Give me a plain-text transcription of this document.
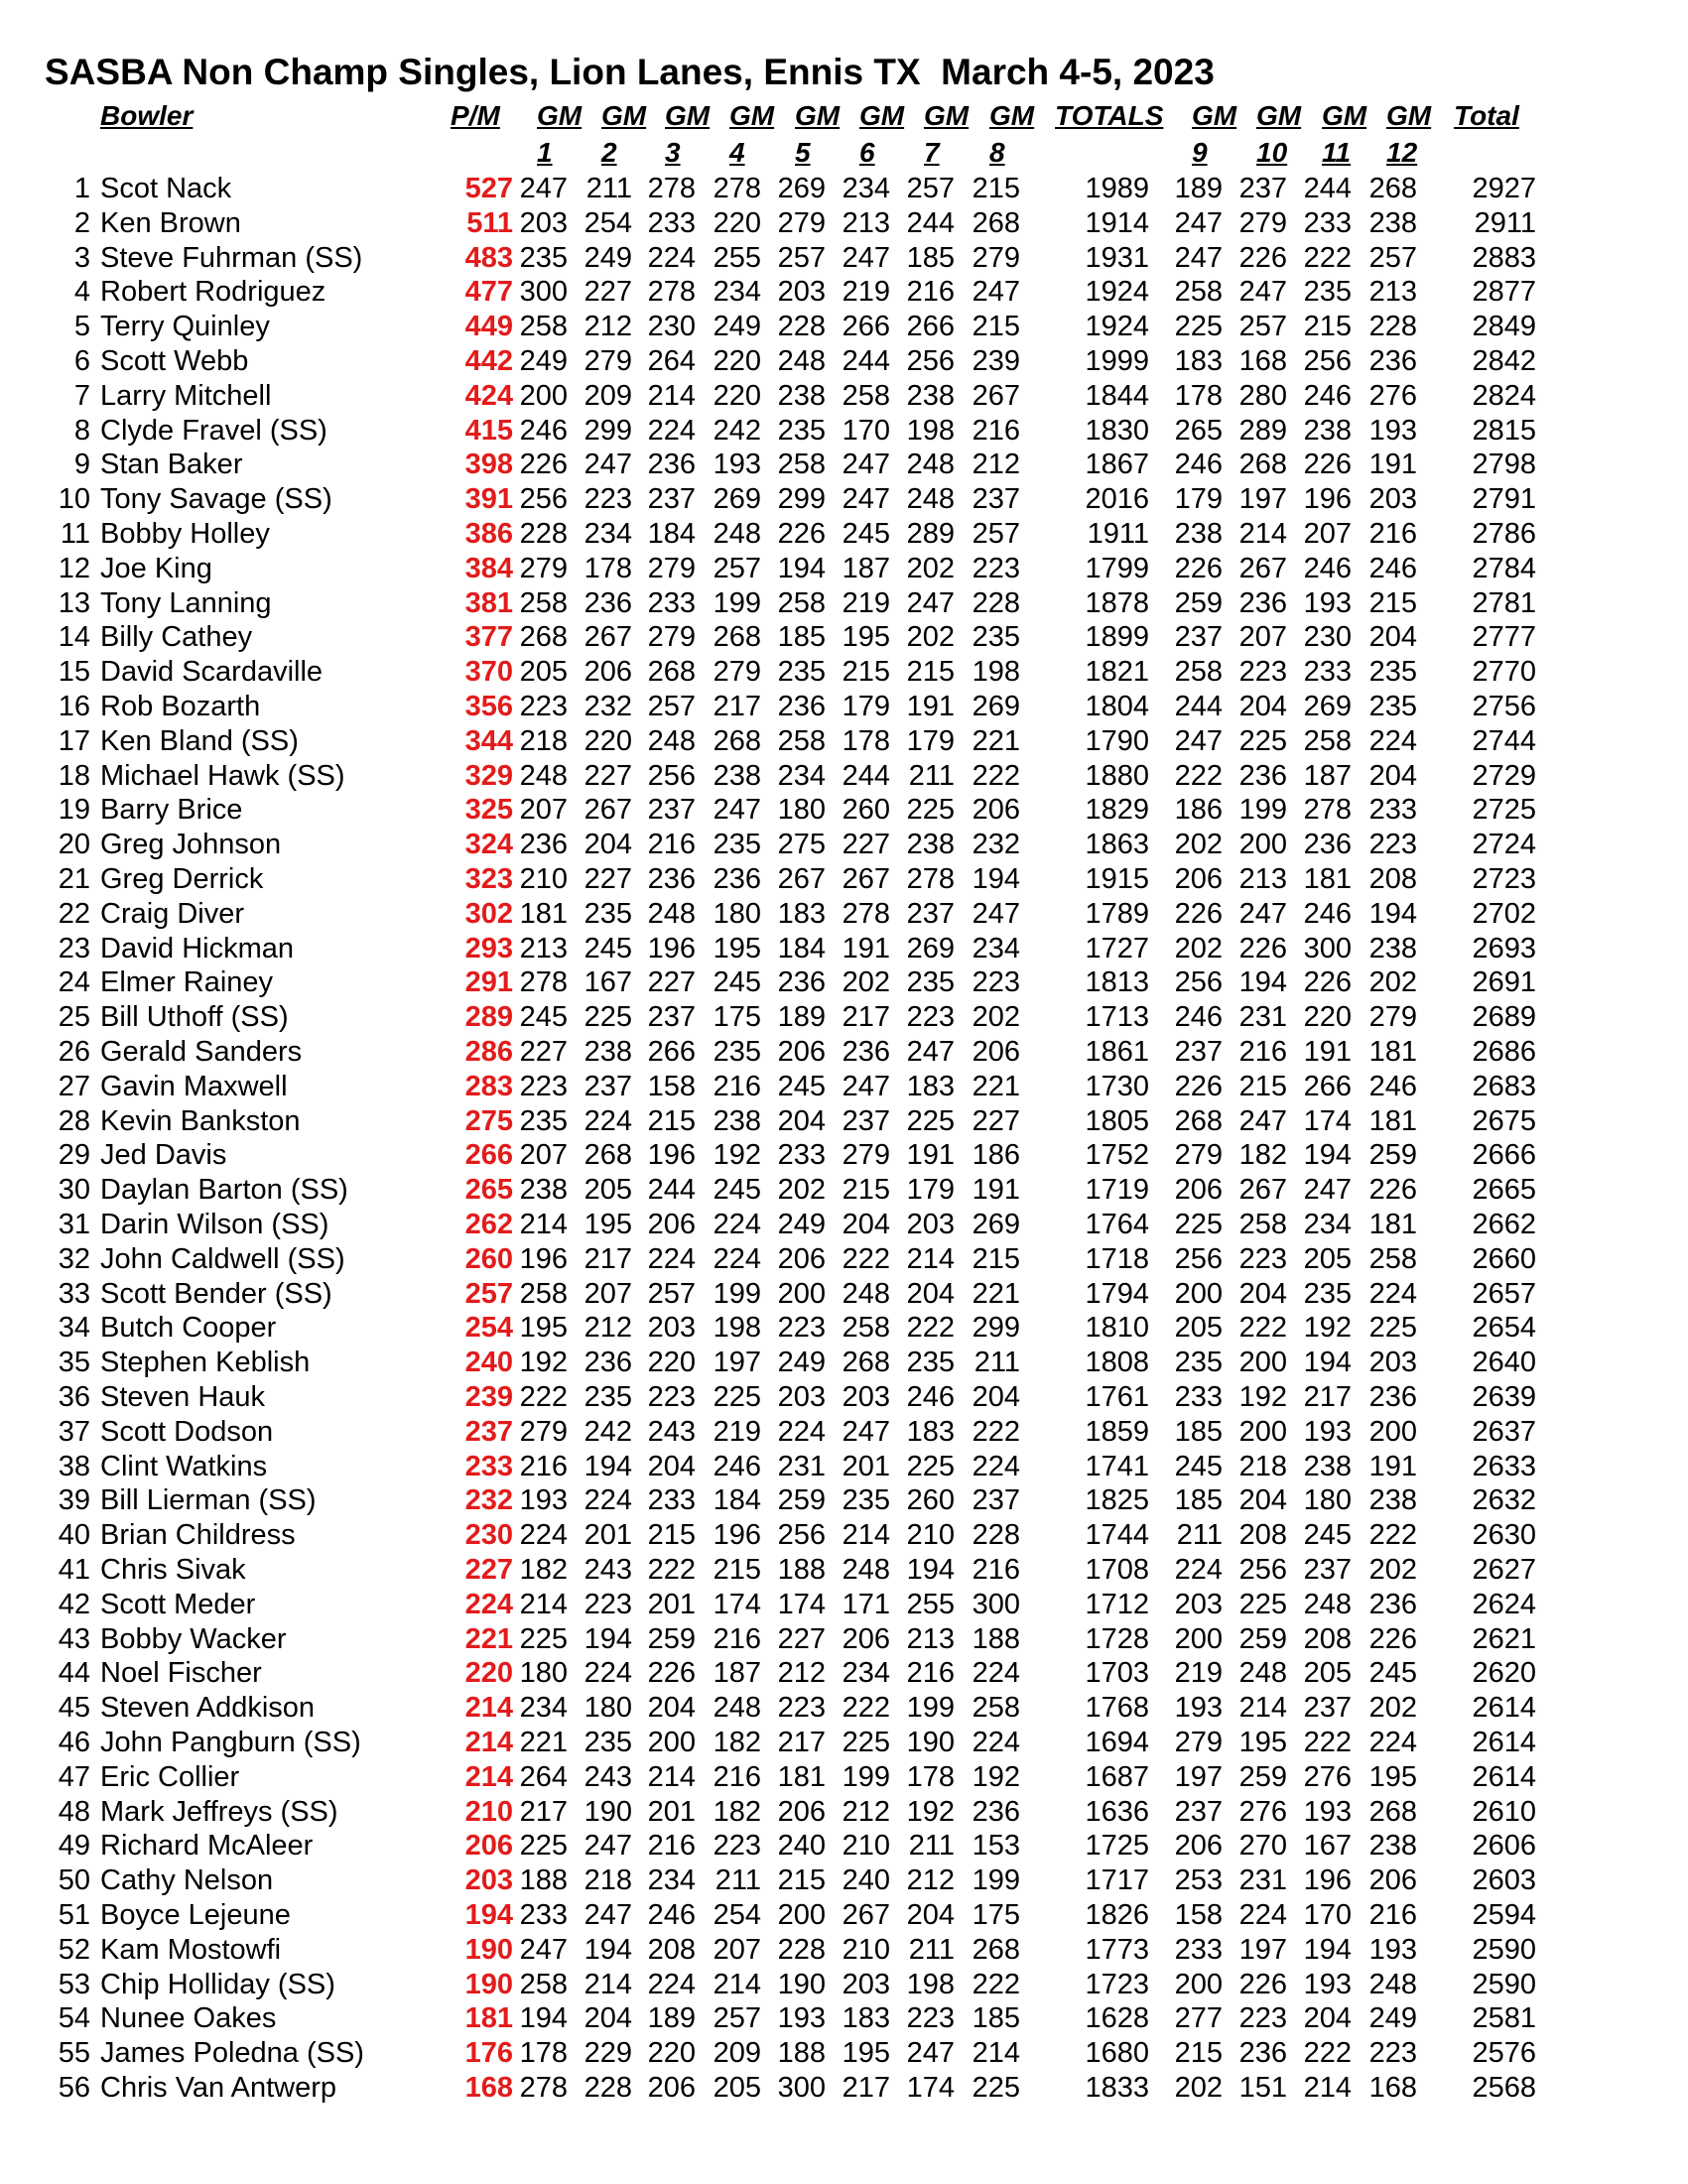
SASBA Non Champ Singles, Lion Lanes, Ennis TX  March 4-5, 2023
Bowler	P/M GM GM GM GM GM GM GM GM TOTALS GM GM GM GM Total
1 2 3 4 5 6 7 8	9 10 11 12
1 Scot Nack	527 247 211 278 278 269 234 257 215 1989 189 237 244 268 2927
2 Ken Brown	511 203 254 233 220 279 213 244 268 1914 247 279 233 238 2911
3 Steve Fuhrman (SS)	483 235 249 224 255 257 247 185 279 1931 247 226 222 257 2883
4 Robert Rodriguez	477 300 227 278 234 203 219 216 247 1924 258 247 235 213 2877
5 Terry Quinley	449 258 212 230 249 228 266 266 215 1924 225 257 215 228 2849
6 Scott Webb	442 249 279 264 220 248 244 256 239 1999 183 168 256 236 2842
7 Larry Mitchell	424 200 209 214 220 238 258 238 267 1844 178 280 246 276 2824
8 Clyde Fravel (SS)	415 246 299 224 242 235 170 198 216 1830 265 289 238 193 2815
9 Stan Baker	398 226 247 236 193 258 247 248 212 1867 246 268 226 191 2798
10 Tony Savage (SS)	391 256 223 237 269 299 247 248 237 2016 179 197 196 203 2791
11 Bobby Holley	386 228 234 184 248 226 245 289 257 1911 238 214 207 216 2786
12 Joe King	384 279 178 279 257 194 187 202 223 1799 226 267 246 246 2784
13 Tony Lanning	381 258 236 233 199 258 219 247 228 1878 259 236 193 215 2781
14 Billy Cathey	377 268 267 279 268 185 195 202 235 1899 237 207 230 204 2777
15 David Scardaville	370 205 206 268 279 235 215 215 198 1821 258 223 233 235 2770
16 Rob Bozarth	356 223 232 257 217 236 179 191 269 1804 244 204 269 235 2756
17 Ken Bland (SS)	344 218 220 248 268 258 178 179 221 1790 247 225 258 224 2744
18 Michael Hawk (SS)	329 248 227 256 238 234 244 211 222 1880 222 236 187 204 2729
19 Barry Brice	325 207 267 237 247 180 260 225 206 1829 186 199 278 233 2725
20 Greg Johnson	324 236 204 216 235 275 227 238 232 1863 202 200 236 223 2724
21 Greg Derrick	323 210 227 236 236 267 267 278 194 1915 206 213 181 208 2723
22 Craig Diver	302 181 235 248 180 183 278 237 247 1789 226 247 246 194 2702
23 David Hickman	293 213 245 196 195 184 191 269 234 1727 202 226 300 238 2693
24 Elmer Rainey	291 278 167 227 245 236 202 235 223 1813 256 194 226 202 2691
25 Bill Uthoff (SS)	289 245 225 237 175 189 217 223 202 1713 246 231 220 279 2689
26 Gerald Sanders	286 227 238 266 235 206 236 247 206 1861 237 216 191 181 2686
27 Gavin Maxwell	283 223 237 158 216 245 247 183 221 1730 226 215 266 246 2683
28 Kevin Bankston	275 235 224 215 238 204 237 225 227 1805 268 247 174 181 2675
29 Jed Davis	266 207 268 196 192 233 279 191 186 1752 279 182 194 259 2666
30 Daylan Barton (SS)	265 238 205 244 245 202 215 179 191 1719 206 267 247 226 2665
31 Darin Wilson (SS)	262 214 195 206 224 249 204 203 269 1764 225 258 234 181 2662
32 John Caldwell (SS)	260 196 217 224 224 206 222 214 215 1718 256 223 205 258 2660
33 Scott Bender (SS)	257 258 207 257 199 200 248 204 221 1794 200 204 235 224 2657
34 Butch Cooper	254 195 212 203 198 223 258 222 299 1810 205 222 192 225 2654
35 Stephen Keblish	240 192 236 220 197 249 268 235 211 1808 235 200 194 203 2640
36 Steven Hauk	239 222 235 223 225 203 203 246 204 1761 233 192 217 236 2639
37 Scott Dodson	237 279 242 243 219 224 247 183 222 1859 185 200 193 200 2637
38 Clint Watkins	233 216 194 204 246 231 201 225 224 1741 245 218 238 191 2633
39 Bill Lierman (SS)	232 193 224 233 184 259 235 260 237 1825 185 204 180 238 2632
40 Brian Childress	230 224 201 215 196 256 214 210 228 1744 211 208 245 222 2630
41 Chris Sivak	227 182 243 222 215 188 248 194 216 1708 224 256 237 202 2627
42 Scott Meder	224 214 223 201 174 174 171 255 300 1712 203 225 248 236 2624
43 Bobby Wacker	221 225 194 259 216 227 206 213 188 1728 200 259 208 226 2621
44 Noel Fischer	220 180 224 226 187 212 234 216 224 1703 219 248 205 245 2620
45 Steven Addkison	214 234 180 204 248 223 222 199 258 1768 193 214 237 202 2614
46 John Pangburn (SS)	214 221 235 200 182 217 225 190 224 1694 279 195 222 224 2614
47 Eric Collier	214 264 243 214 216 181 199 178 192 1687 197 259 276 195 2614
48 Mark Jeffreys (SS)	210 217 190 201 182 206 212 192 236 1636 237 276 193 268 2610
49 Richard McAleer	206 225 247 216 223 240 210 211 153 1725 206 270 167 238 2606
50 Cathy Nelson	203 188 218 234 211 215 240 212 199 1717 253 231 196 206 2603
51 Boyce Lejeune	194 233 247 246 254 200 267 204 175 1826 158 224 170 216 2594
52 Kam Mostowfi	190 247 194 208 207 228 210 211 268 1773 233 197 194 193 2590
53 Chip Holliday (SS)	190 258 214 224 214 190 203 198 222 1723 200 226 193 248 2590
54 Nunee Oakes	181 194 204 189 257 193 183 223 185 1628 277 223 204 249 2581
55 James Poledna (SS)	176 178 229 220 209 188 195 247 214 1680 215 236 222 223 2576
56 Chris Van Antwerp	168 278 228 206 205 300 217 174 225 1833 202 151 214 168 2568
